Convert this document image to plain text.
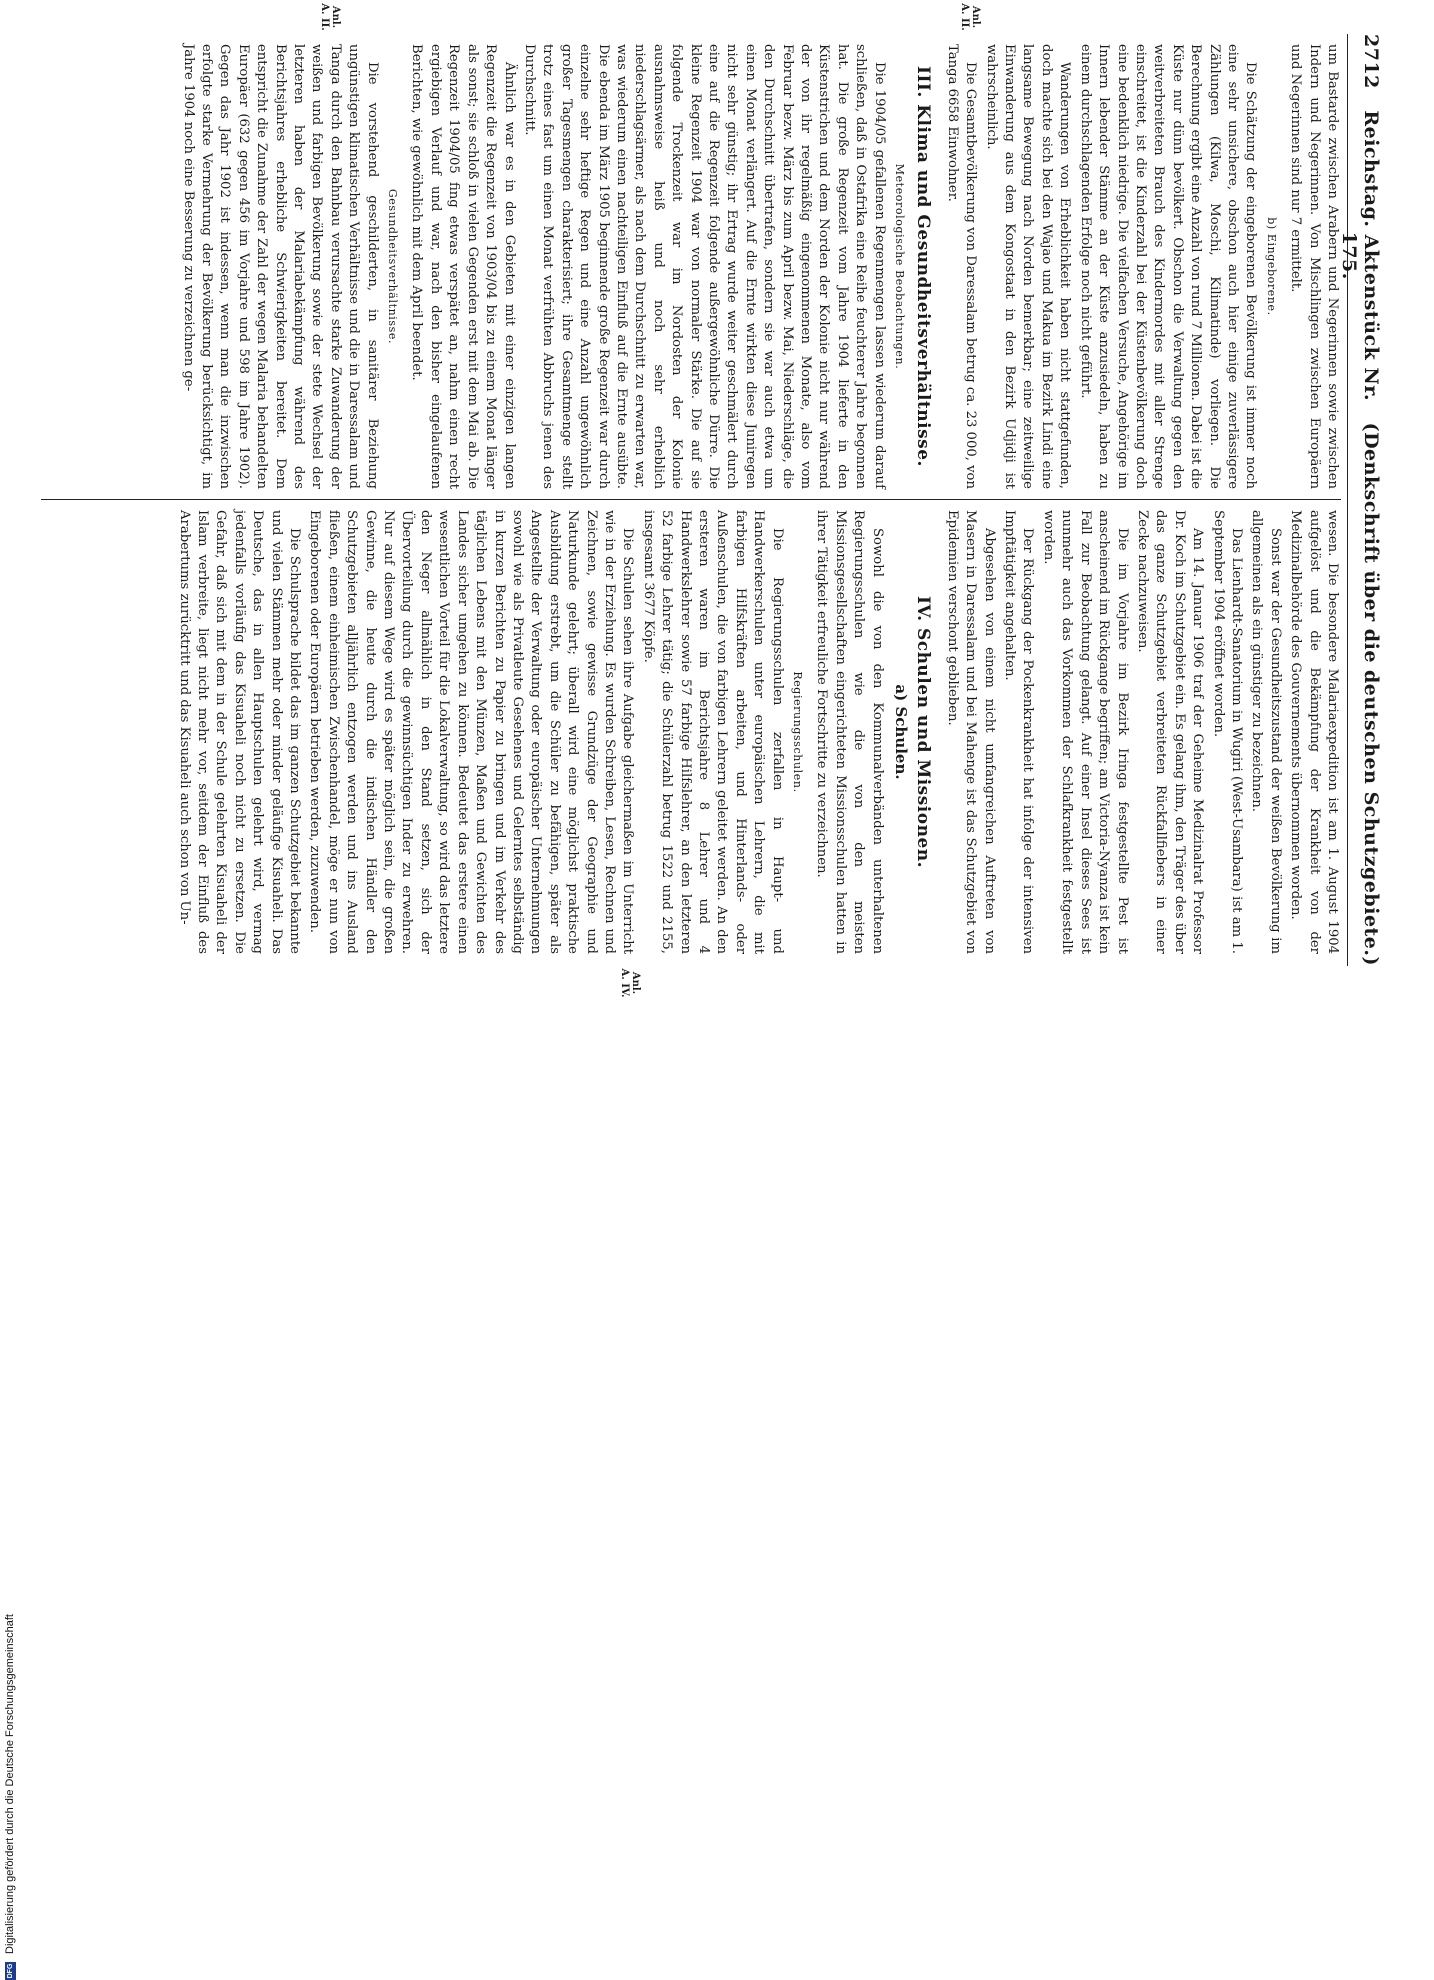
2712
Reichstag. Aktenstück Nr. 175.
(Denkschrift über die deutschen Schutzgebiete.)

um Bastarde zwischen Arabern und Negerinnen sowie zwischen Indern und Negerinnen. Von Mischlingen zwischen Europäern und Negerinnen sind nur 7 ermittelt.

b) Eingeborene.

Die Schätzung der eingeborenen Bevölkerung ist immer noch eine sehr unsichere, obschon auch hier einige zuverlässigere Zählungen (Kilwa, Moschi, Kilimatinde) vorliegen. Die Berechnung ergibt eine Anzahl von rund 7 Millionen. Dabei ist die Küste nur dünn bevölkert. Obschon die Verwaltung gegen den weitverbreiteten Brauch des Kindermordes mit aller Strenge einschreitet, ist die Kinderzahl bei der Küstenbevölkerung doch eine bedenklich niedrige. Die vielfachen Versuche, Angehörige im Innern lebender Stämme an der Küste anzusiedeln, haben zu einem durchschlagenden Erfolge noch nicht geführt.

Wanderungen von Erheblichkeit haben nicht stattgefunden, doch machte sich bei den Wajao und Makua im Bezirk Lindi eine langsame Bewegung nach Norden bemerkbar; eine zeitweilige Einwanderung aus dem Kongostaat in den Bezirk Udjidji ist wahrscheinlich.

Die Gesamtbevölkerung von Daressalam betrug ca. 23 000, von Tanga 6658 Einwohner.

III. Klima und Gesundheitsverhältnisse.
Meteorologische Beobachtungen.

Die 1904/05 gefallenen Regenmengen lassen wiederum darauf schließen, daß in Ostafrika eine Reihe feuchterer Jahre begonnen hat. Die große Regenzeit vom Jahre 1904 lieferte in den Küstenstrichen und dem Norden der Kolonie nicht nur während der von ihr regelmäßig eingenommenen Monate, also vom Februar bezw. März bis zum April bezw. Mai, Niederschläge, die den Durchschnitt übertrafen, sondern sie war auch etwa um einen Monat verlängert. Auf die Ernte wirkten diese Juniregen nicht sehr günstig; ihr Ertrag wurde weiter geschmälert durch eine auf die Regenzeit folgende außergewöhnliche Dürre. Die kleine Regenzeit 1904 war von normaler Stärke. Die auf sie folgende Trockenzeit war im Nordosten der Kolonie ausnahmsweise heiß und noch sehr erheblich niederschlagsärmer, als nach dem Durchschnitt zu erwarten war, was wiederum einen nachteiligen Einfluß auf die Ernte ausübte. Die ebenda im März 1905 beginnende große Regenzeit war durch einzelne sehr heftige Regen und eine Anzahl ungewöhnlich großer Tagesmengen charakterisiert; ihre Gesamtmenge stellt trotz eines fast um einen Monat verfrühten Abbruchs jenen des Durchschnitt.

Ähnlich war es in den Gebieten mit einer einzigen langen Regenzeit die Regenzeit von 1903/04 bis zu einem Monat länger als sonst; sie schloß in vielen Gegenden erst mit dem Mai ab. Die Regenzeit 1904/05 fing etwas verspätet an, nahm einen recht ergiebigen Verlauf und war, nach den bisher eingelaufenen Berichten, wie gewöhnlich mit dem April beendet.

Gesundheitsverhältnisse.

Die vorstehend geschilderten, in sanitärer Beziehung ungünstigen klimatischen Verhältnisse und die in Daressalam und Tanga durch den Bahnbau verursachte starke Zuwanderung der weißen und farbigen Bevölkerung sowie der stete Wechsel der letzteren haben der Malariabekämpfung während des Berichtsjahres erhebliche Schwierigkeiten bereitet. Dem entspricht die Zunahme der Zahl der wegen Malaria behandelten Europäer (632 gegen 456 im Vorjahre und 598 im Jahre 1902). Gegen das Jahr 1902 ist indessen, wenn man die inzwischen erfolgte starke Vermehrung der Bevölkerung berücksichtigt, im Jahre 1904 noch eine Besserung zu verzeichnen ge-

Anl. A. II.
Anl. A. II.

wesen. Die besondere Malariaexpedition ist am 1. August 1904 aufgelöst und die Bekämpfung der Krankheit von der Medizinalbehörde des Gouvernements übernommen worden.

Sonst war der Gesundheitszustand der weißen Bevölkerung im allgemeinen als ein günstiger zu bezeichnen.

Das Lienhardt-Sanatorium in Wugiri (West-Usambara) ist am 1. September 1904 eröffnet worden.

Am 14. Januar 1906 traf der Geheime Medizinalrat Professor Dr. Koch im Schutzgebiet ein. Es gelang ihm, den Träger des über das ganze Schutzgebiet verbreiteten Rückfallfiebers in einer Zecke nachzuweisen.

Die im Vorjahre im Bezirk Iringa festgestellte Pest ist anscheinend im Rückgange begriffen; am Victoria-Nyanza ist kein Fall zur Beobachtung gelangt. Auf einer Insel dieses Sees ist nunmehr auch das Vorkommen der Schlafkrankheit festgestellt worden.

Der Rückgang der Pockenkrankheit hat infolge der intensiven Impftätigkeit angehalten.

Abgesehen von einem nicht umfangreichen Auftreten von Masern in Daressalam und bei Mahenge ist das Schutzgebiet von Epidemien verschont geblieben.

IV. Schulen und Missionen.
a) Schulen.

Sowohl die von den Kommunalverbänden unterhaltenen Regierungsschulen wie die von den meisten Missionsgesellschaften eingerichteten Missionsschulen hatten in ihrer Tätigkeit erfreuliche Fortschritte zu verzeichnen.

Regierungsschulen.

Die Regierungsschulen zerfallen in Haupt- und Handwerkerschulen unter europäischen Lehrern, die mit farbigen Hilfskräften arbeiten, und Hinterlands- oder Außenschulen, die von farbigen Lehrern geleitet werden. An den ersteren waren im Berichtsjahre 8 Lehrer und 4 Handwerkslehrer sowie 57 farbige Hilfslehrer, an den letzteren 52 farbige Lehrer tätig; die Schülerzahl betrug 1522 und 2155, insgesamt 3677 Köpfe.

Die Schulen sehen ihre Aufgabe gleichermaßen im Unterricht wie in der Erziehung. Es wurden Schreiben, Lesen, Rechnen und Zeichnen, sowie gewisse Grundzüge der Geographie und Naturkunde gelehrt; überall wird eine möglichst praktische Ausbildung erstrebt, um die Schüler zu befähigen, später als Angestellte der Verwaltung oder europäischer Unternehmungen sowohl wie als Privatleute Gesehenes und Gelerntes selbständig in kurzen Berichten zu Papier zu bringen und im Verkehr des täglichen Lebens mit den Münzen, Maßen und Gewichten des Landes sicher umgehen zu können. Bedeutet das erstere einen wesentlichen Vorteil für die Lokalverwaltung, so wird das letztere den Neger allmählich in den Stand setzen, sich der Übervorteilung durch die gewinnsüchtigen Inder zu erwehren. Nur auf diesem Wege wird es später möglich sein, die großen Gewinne, die heute durch die indischen Händler den Schutzgebieten alljährlich entzogen werden und ins Ausland fließen, einem einheimischen Zwischenhandel, möge er nun von Eingeborenen oder Europäern betrieben werden, zuzuwenden.

Die Schulsprache bildet das im ganzen Schutzgebiet bekannte und vielen Stämmen mehr oder minder geläufige Kisuaheli. Das Deutsche, das in allen Hauptschulen gelehrt wird, vermag jedenfalls vorläufig das Kisuaheli noch nicht zu ersetzen. Die Gefahr, daß sich mit dem in der Schule gelehrten Kisuaheli der Islam verbreite, liegt nicht mehr vor, seitdem der Einfluß des Arabertums zurücktritt und das Kisuaheli auch schon von Un-

Anl. A. IV.
DFG
Digitalisierung gefördert durch die Deutsche Forschungsgemeinschaft
